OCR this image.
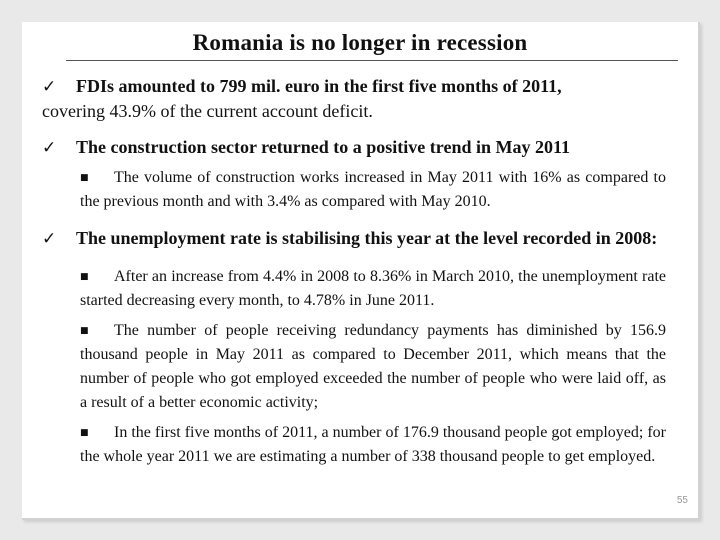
Romania is no longer in recession
✓ FDIs amounted to 799 mil. euro in the first five months of 2011,
covering 43.9% of the current account deficit.
✓ The construction sector returned to a positive trend in May 2011
■ The volume of construction works increased in May 2011 with 16% as compared to the previous month and with 3.4% as compared with May 2010.
✓ The unemployment rate is stabilising this year at the level recorded in 2008:
■ After an increase from 4.4% in 2008 to 8.36% in March 2010, the unemployment rate started decreasing every month, to 4.78% in June 2011.
■ The number of people receiving redundancy payments has diminished by 156.9 thousand people in May 2011 as compared to December 2011, which means that the number of people who got employed exceeded the number of people who were laid off, as a result of a better economic activity;
■ In the first five months of 2011, a number of 176.9 thousand people got employed; for the whole year 2011 we are estimating a number of 338 thousand people to get employed.
55
